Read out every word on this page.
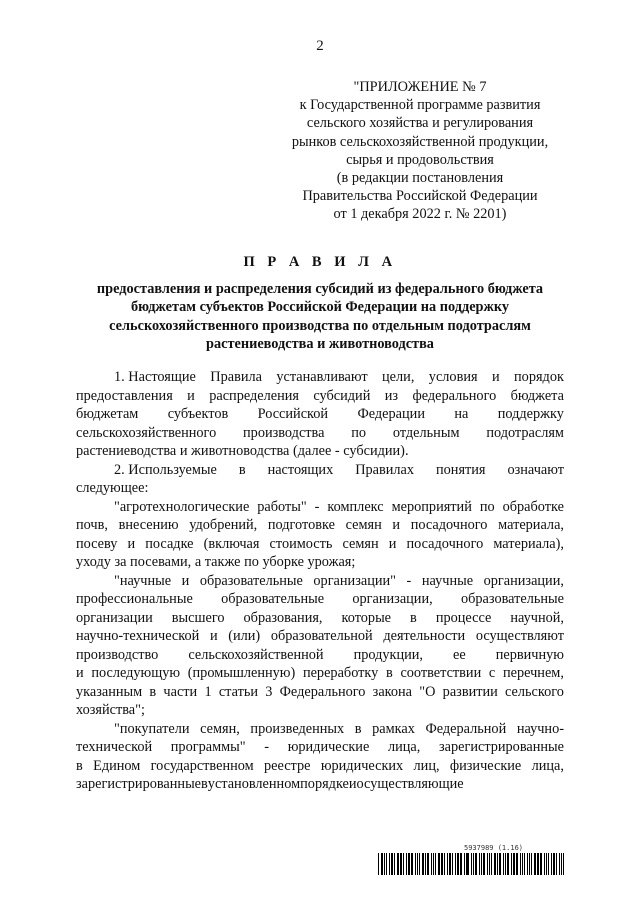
2
"ПРИЛОЖЕНИЕ № 7
к Государственной программе развития
сельского хозяйства и регулирования
рынков сельскохозяйственной продукции,
сырья и продовольствия
(в редакции постановления
Правительства Российской Федерации
от 1 декабря 2022 г. № 2201)
П Р А В И Л А
предоставления и распределения субсидий из федерального бюджета
бюджетам субъектов Российской Федерации на поддержку
сельскохозяйственного производства по отдельным подотраслям
растениеводства и животноводства
1. Настоящие Правила устанавливают цели, условия и порядок
предоставления и распределения субсидий из федерального бюджета
бюджетам субъектов Российской Федерации на поддержку
сельскохозяйственного производства по отдельным подотраслям
растениеводства и животноводства (далее - субсидии).
2. Используемые в настоящих Правилах понятия означают
следующее:
"агротехнологические работы" - комплекс мероприятий по обработке
почв, внесению удобрений, подготовке семян и посадочного материала,
посеву и посадке (включая стоимость семян и посадочного материала),
уходу за посевами, а также по уборке урожая;
"научные и образовательные организации" - научные организации,
профессиональные образовательные организации, образовательные
организации высшего образования, которые в процессе научной,
научно-технической и (или) образовательной деятельности осуществляют
производство сельскохозяйственной продукции, ее первичную
и последующую (промышленную) переработку в соответствии с перечнем,
указанным в части 1 статьи 3 Федерального закона "О развитии сельского
хозяйства";
"покупатели семян, произведенных в рамках Федеральной научно-
технической программы" - юридические лица, зарегистрированные
в Едином государственном реестре юридических лиц, физические лица,
зарегистрированные в установленном порядке и осуществляющие
5937989 (1.16)
